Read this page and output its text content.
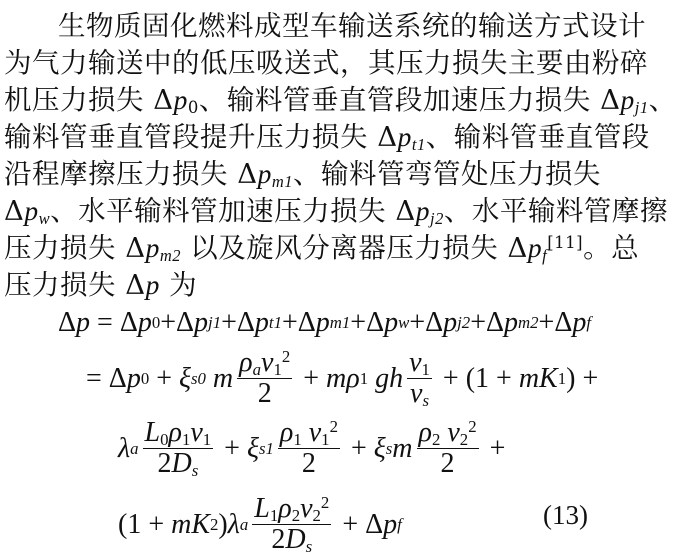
生物质固化燃料成型车输送系统的输送方式设计
为气力输送中的低压吸送式，其压力损失主要由粉碎
机压力损失 $\Delta p_0$、输料管垂直管段加速压力损失 $\Delta p_{j1}$、
输料管垂直管段提升压力损失 $\Delta p_{t1}$、输料管垂直管段
沿程摩擦压力损失 $\Delta p_{m1}$、输料管弯管处压力损失
$\Delta p_w$、水平输料管加速压力损失 $\Delta p_{j2}$、水平输料管摩擦
压力损失 $\Delta p_{m2}$ 以及旋风分离器压力损失 $\Delta p_f[11]$。总
压力损失 Δp 为
Δ p = Δ p 0 + Δ p j1 + Δ p t1 + Δ p m1 + Δ p w + Δ p j2 + Δ p m2 + Δ p f
= Δ p 0 + ξ s0
m $\frac{\rho_av_1^2}{2} + m$ ρ 1
gh $\frac{v_1}{v_s} + (1$ + mK 1 ) +
λ a $\frac{L_0\rho_1v_1}{2D_s} + \xi$ $s1 \frac{\rho_1 v_1^2}{2} + \xi$ s m $\frac{\rho_2 v_2^2}{2}$ +
(1 + mK 2 ) λ a $\frac{L_1\rho_2v_2^2}{2D_s} + \Delta$ p f	(13)
